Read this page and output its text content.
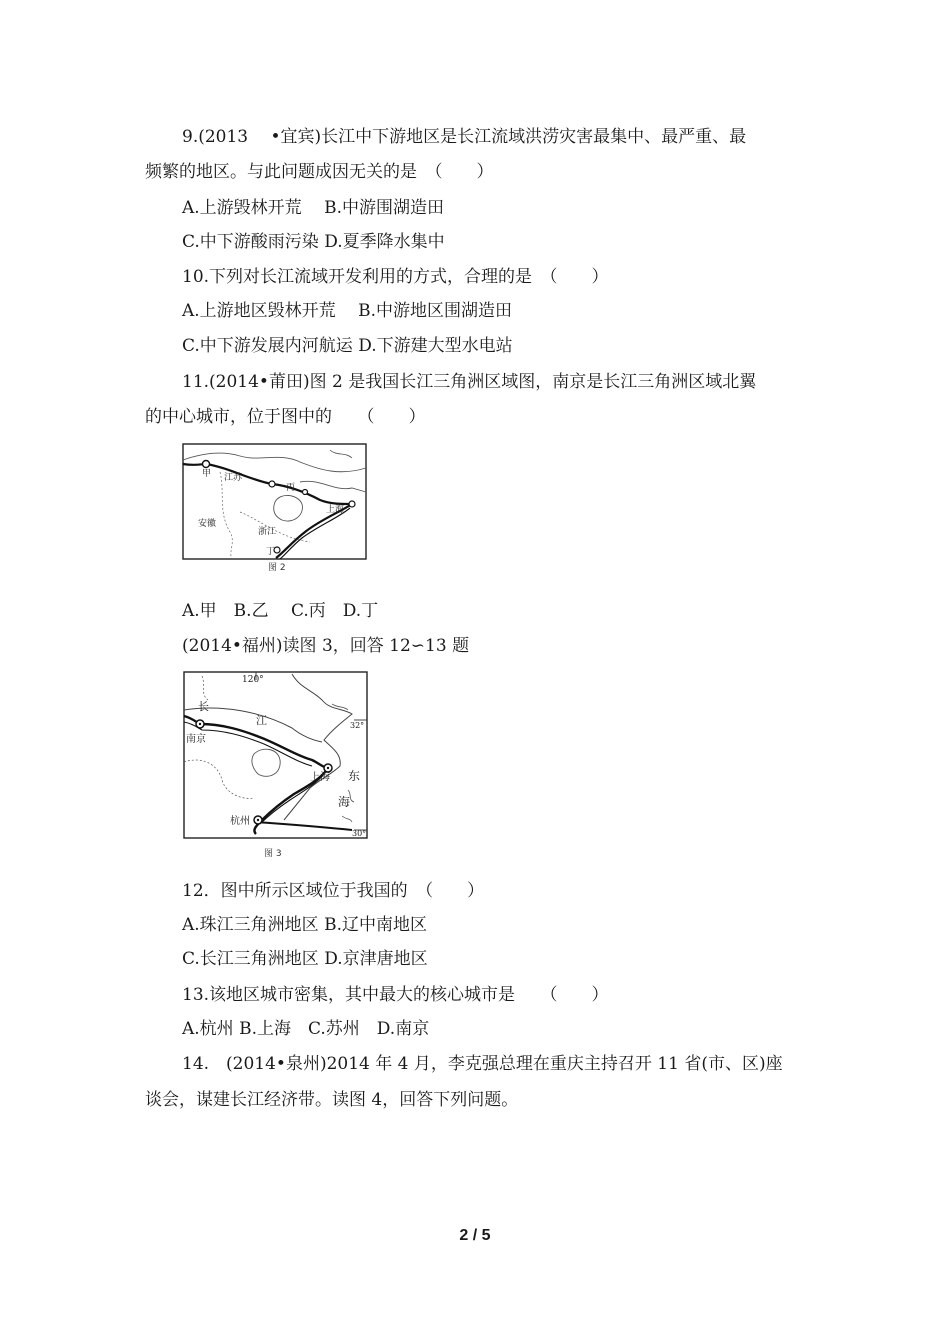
9.(2013　 •宜宾)长江中下游地区是长江流域洪涝灾害最集中、最严重、最
频繁的地区。与此问题成因无关的是　（　　）
A.上游毁林开荒　 B.中游围湖造田
C.中下游酸雨污染 D.夏季降水集中
10.下列对长江流域开发利用的方式，合理的是　（　　）
A.上游地区毁林开荒　 B.中游地区围湖造田
C.中下游发展内河航运 D.下游建大型水电站
11.(2014•莆田)图 2 是我国长江三角洲区域图，南京是长江三角洲区域北翼
的中心城市，位于图中的　　（　　）
甲 江苏
丙
上海
安徽
浙江
丁
图 2
A.甲　B.乙　 C.丙　D.丁
(2014•福州)读图 3，回答 12∽13 题
120°
长
江	32°
南京
上海 东
海
杭州
30°
图 3
12．图中所示区域位于我国的　（　　）
A.珠江三角洲地区 B.辽中南地区
C.长江三角洲地区 D.京津唐地区
13.该地区城市密集，其中最大的核心城市是　　（　　）
A.杭州 B.上海　C.苏州　D.南京
14.　(2014•泉州)2014 年 4 月，李克强总理在重庆主持召开 11 省(市、区)座
谈会，谋建长江经济带。读图 4，回答下列问题。
2 / 5
